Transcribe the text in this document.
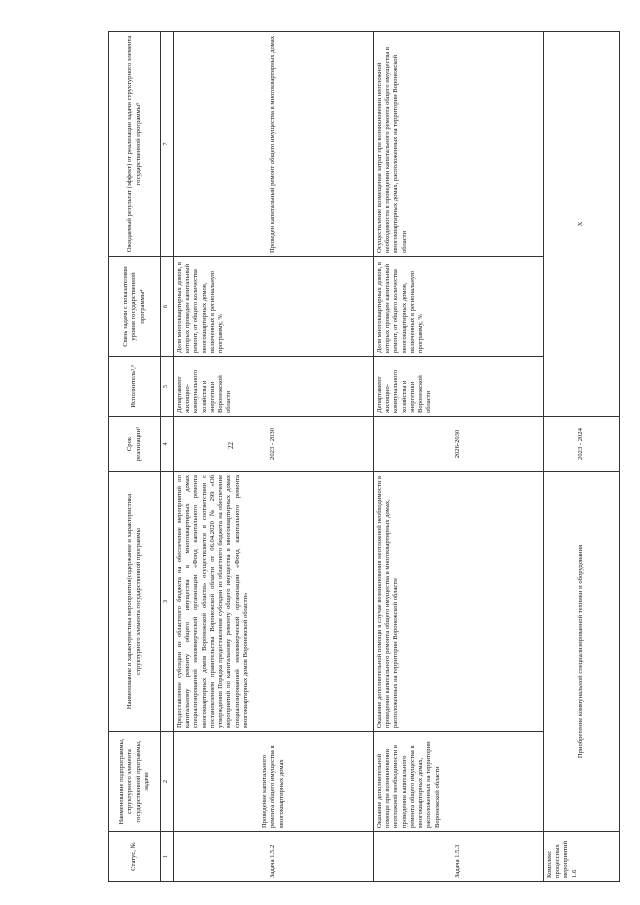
22
Статус, №	Наименование подпрограммы, структурного элемента государственной программы, задачи	Наименование и характеристика мероприятия(содержание и характеристика структурного элемента государственной программы	Срок реализации¹	Исполнитель²,³	Связь задачи с показателями уровня государственной программы⁴	Ожидаемый результат (эффект) от реализации задачи структурного элемента государственной программы⁵
1	2	3	4	5	6	7
Задача 1.5.2	Проведение капитального ремонта общего имущества в многоквартирных домах	Предоставление субсидии из областного бюджета на обеспечение мероприятий по капитальному ремонту общего имущества в многоквартирных домах специализированной некоммерческой организации «Фонд капитального ремонта многоквартирных домов Воронежской области» осуществляется в соответствии с постановлением правительства Воронежской области от 06.04.2020 № 299 «Об утверждении Порядка предоставления субсидии из областного бюджета на обеспечение мероприятий по капитальному ремонту общего имущества в многоквартирных домах специализированной некоммерческой организации «Фонд капитального ремонта многоквартирных домов Воронежской области»	2023 - 2030	Департамент жилищно-коммунального хозяйства и энергетики Воронежской области	Доля многоквартирных домов, в которых проведен капитальный ремонт, от общего количества многоквартирных домов, включенных в региональную программу, %	Проведен капитальный ремонт общего имущества в многоквартирных домах
Задача 1.5.3	Оказание дополнительной помощи при возникновении неотложной необходимости в проведении капитального ремонта общего имущества в многоквартирных домах, расположенных на территории Воронежской области	Оказание дополнительной помощи в случае возникновения неотложной необходимости в проведении капитального ремонта общего имущества в многоквартирных домах, расположенных на территории Воронежской области	2026-2030	Департамент жилищно-коммунального хозяйства и энергетики Воронежской области	Доля многоквартирных домов, в которых проведен капитальный ремонт, от общего количества многоквартирных домов, включенных в региональную программу, %	Осуществление возмещения затрат при возникновении неотложной необходимости в проведении капитального ремонта общего имущества в многоквартирных домах, расположенных на территории Воронежской области
Комплекс процессных мероприятий 1.6	Приобретение коммунальной специализированной техники и оборудования		2023 - 2024	Х		
